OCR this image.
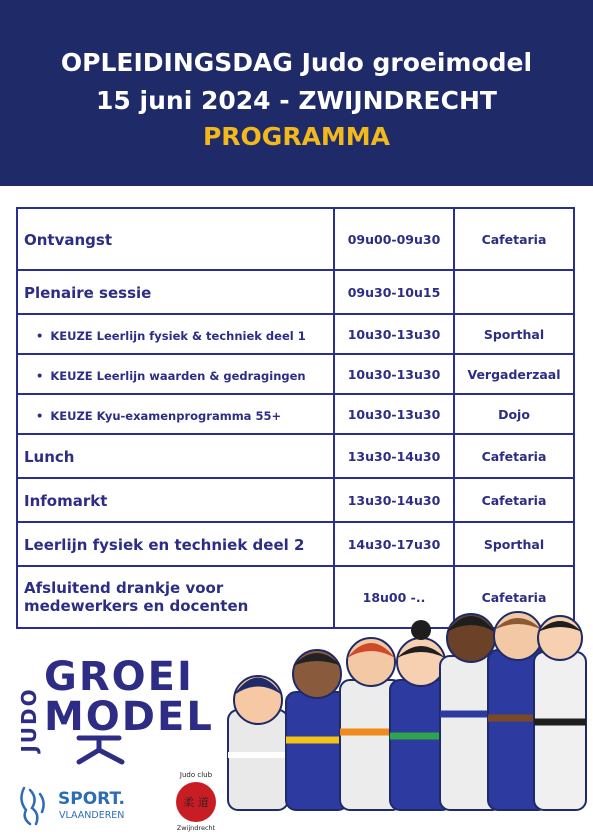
OPLEIDINGSDAG Judo groeimodel
15 juni 2024 - ZWIJNDRECHT
PROGRAMMA
Ontvangst	09u00-09u30	Cafetaria
Plenaire sessie	09u30-10u15	
• KEUZE Leerlijn fysiek & techniek deel 1	10u30-13u30	Sporthal
• KEUZE Leerlijn waarden & gedragingen	10u30-13u30	Vergaderzaal
• KEUZE Kyu-examenprogramma 55+	10u30-13u30	Dojo
Lunch	13u30-14u30	Cafetaria
Infomarkt	13u30-14u30	Cafetaria
Leerlijn fysiek en techniek deel 2	14u30-17u30	Sporthal

Afsluitend drankje voor
medewerkers en docenten	18u00 -..	Cafetaria
JUDO
GROEI
MODEL
SPORT.
VLAANDEREN
Judo club
柔 道
Zwijndrecht
